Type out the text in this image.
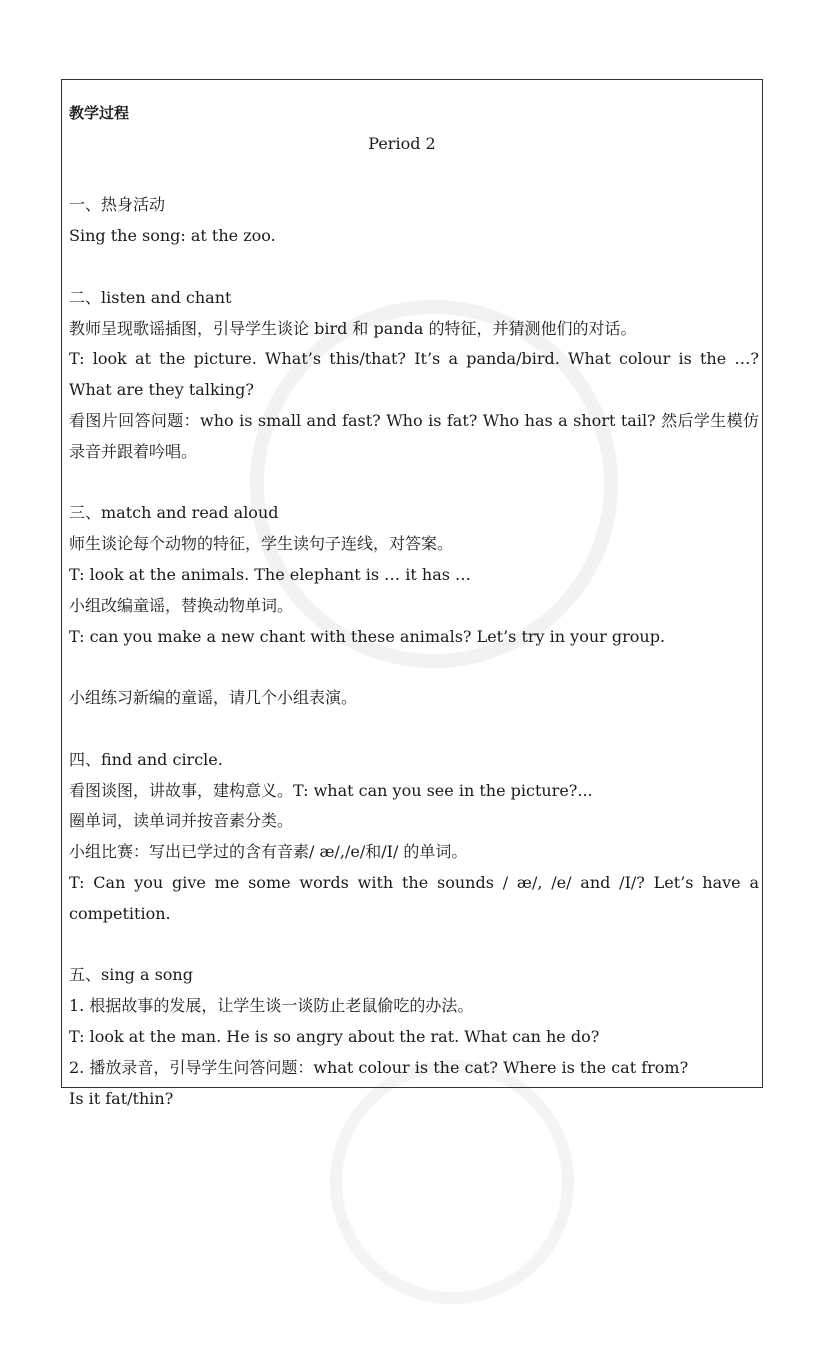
教学过程
Period 2
一、热身活动
Sing the song: at the zoo.
二、listen and chant
教师呈现歌谣插图，引导学生谈论 bird 和 panda 的特征，并猜测他们的对话。
T: look at the picture. What’s this/that? It’s a panda/bird. What colour is the …?
What are they talking?
看图片回答问题：who is small and fast? Who is fat? Who has a short tail? 然后学生模仿
录音并跟着吟唱。
三、match and read aloud
师生谈论每个动物的特征，学生读句子连线，对答案。
T: look at the animals. The elephant is … it has …
小组改编童谣，替换动物单词。
T: can you make a new chant with these animals? Let’s try in your group.
小组练习新编的童谣，请几个小组表演。
四、find and circle.
看图谈图，讲故事，建构意义。T: what can you see in the picture?...
圈单词，读单词并按音素分类。
小组比赛：写出已学过的含有音素/ æ/,/e/和/I/ 的单词。
T: Can you give me some words with the sounds / æ/, /e/ and /I/? Let’s have a
competition.
五、sing a song
1. 根据故事的发展，让学生谈一谈防止老鼠偷吃的办法。
T: look at the man. He is so angry about the rat. What can he do?
2. 播放录音，引导学生问答问题：what colour is the cat? Where is the cat from?
Is it fat/thin?
